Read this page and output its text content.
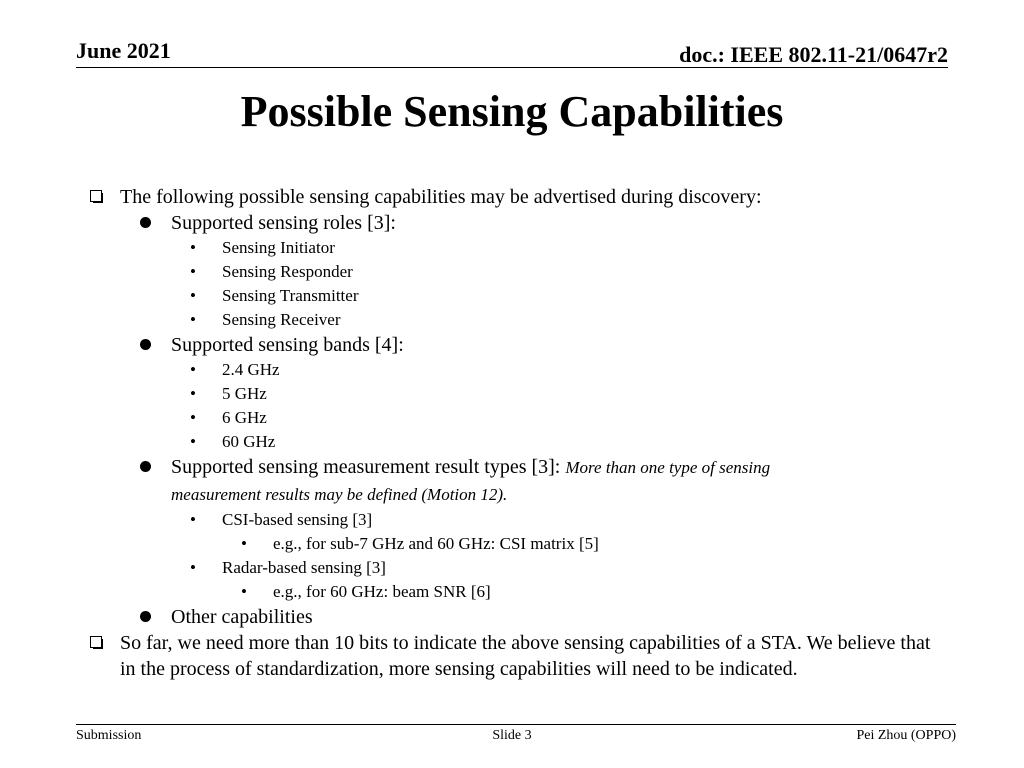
June 2021	doc.: IEEE 802.11-21/0647r2
Possible Sensing Capabilities
The following possible sensing capabilities may be advertised during discovery:
Supported sensing roles [3]:
• Sensing Initiator
• Sensing Responder
• Sensing Transmitter
• Sensing Receiver
Supported sensing bands [4]:
• 2.4 GHz
• 5 GHz
• 6 GHz
• 60 GHz
Supported sensing measurement result types [3]: More than one type of sensing
measurement results may be defined (Motion 12).
• CSI-based sensing [3]
• e.g., for sub-7 GHz and 60 GHz: CSI matrix [5]
• Radar-based sensing [3]
• e.g., for 60 GHz: beam SNR [6]
Other capabilities
So far, we need more than 10 bits to indicate the above sensing capabilities of a STA. We believe that in the process of standardization, more sensing capabilities will need to be indicated.
Submission	Slide 3	Pei Zhou (OPPO)
